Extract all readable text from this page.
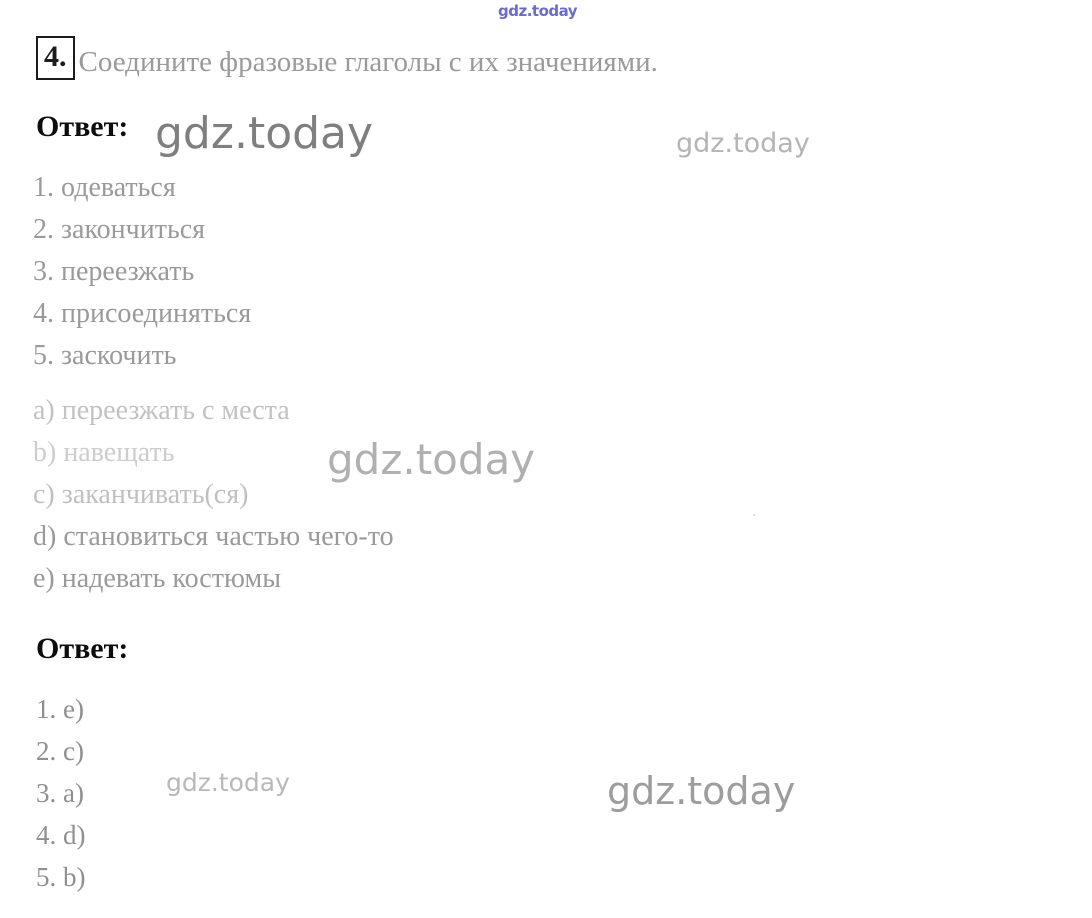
gdz.today
gdz.today	gdz.today
gdz.today
gdz.today	gdz.today
.
4. Соедините фразовые глаголы с их значениями.
Ответ:
1. одеваться
2. закончиться
3. переезжать
4. присоединяться
5. заскочить
a) переезжать с места
b) навещать
c) заканчивать(ся)
d) становиться частью чего-то
e) надевать костюмы
Ответ:
1. e)
2. c)
3. a)
4. d)
5. b)
